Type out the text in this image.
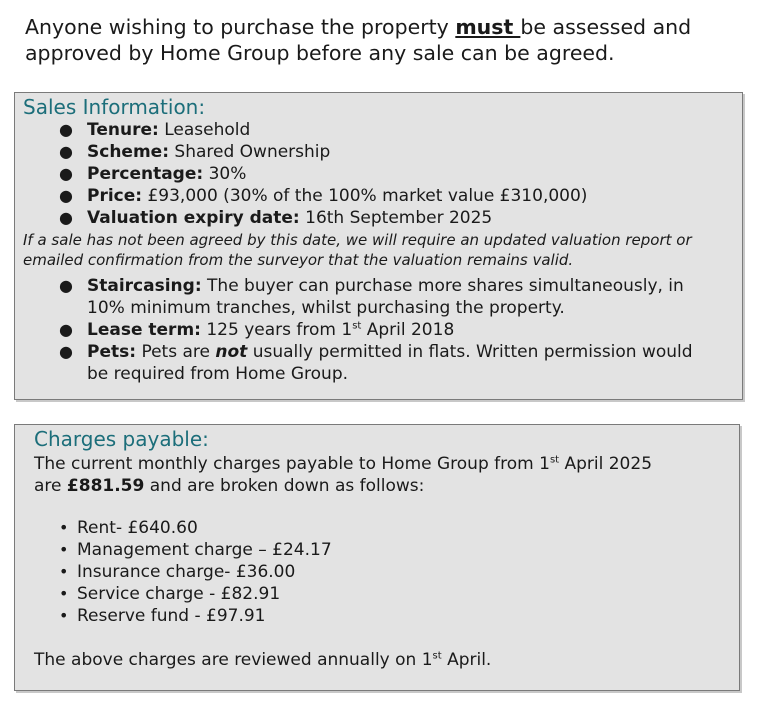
Anyone wishing to purchase the property must be assessed and approved by Home Group before any sale can be agreed.
Sales Information:
● Tenure: Leasehold
● Scheme: Shared Ownership
● Percentage: 30%
● Price: £93,000 (30% of the 100% market value £310,000)
● Valuation expiry date: 16th September 2025
If a sale has not been agreed by this date, we will require an updated valuation report or emailed confirmation from the surveyor that the valuation remains valid.
● Staircasing: The buyer can purchase more shares simultaneously, in
10% minimum tranches, whilst purchasing the property.
● Lease term: 125 years from 1st April 2018
● Pets: Pets are not usually permitted in flats. Written permission would
be required from Home Group.
Charges payable:
The current monthly charges payable to Home Group from 1st April 2025
are £881.59 and are broken down as follows:
• Rent- £640.60
• Management charge – £24.17
• Insurance charge- £36.00
• Service charge - £82.91
• Reserve fund - £97.91
The above charges are reviewed annually on 1st April.
